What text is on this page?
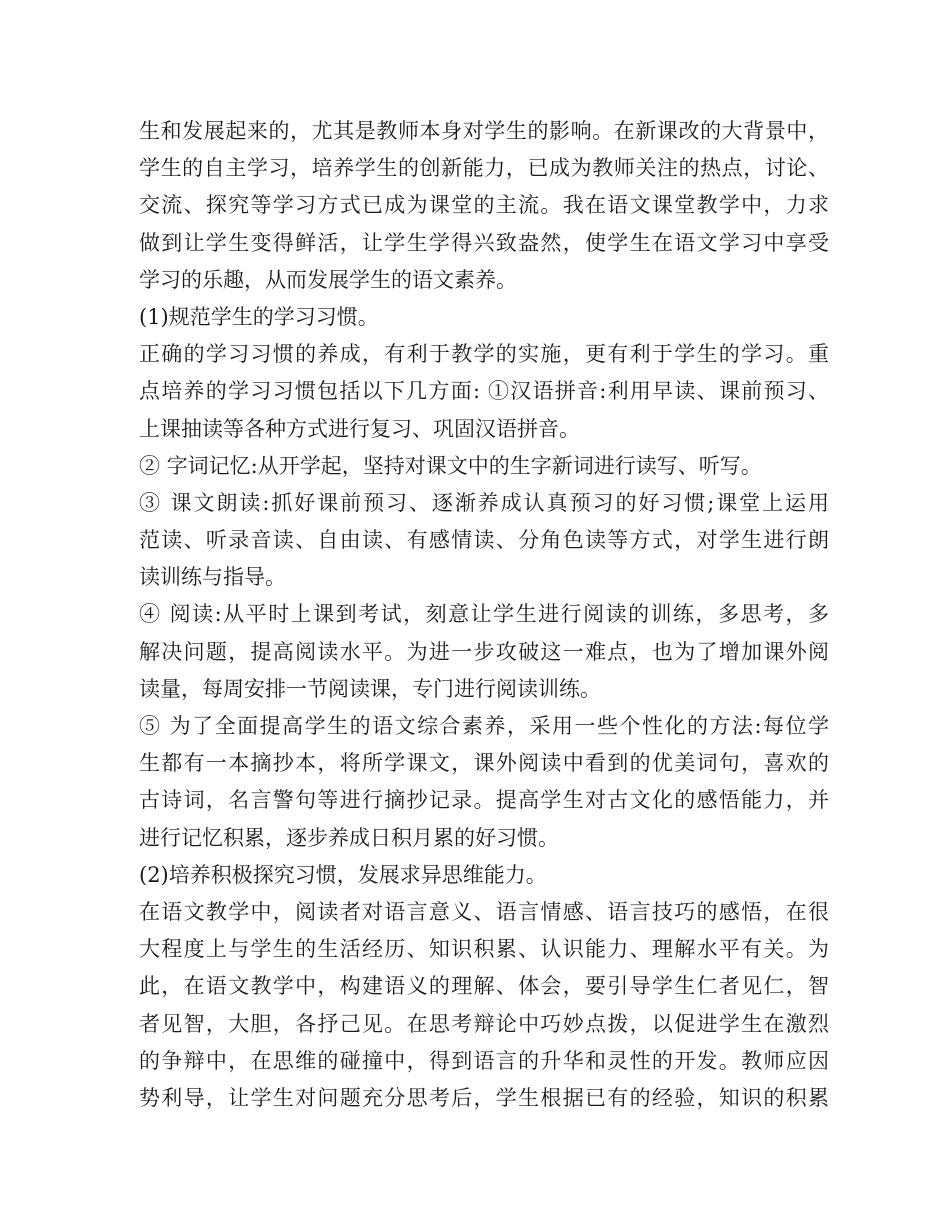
生和发展起来的，尤其是教师本身对学生的影响。在新课改的大背景中，
学生的自主学习，培养学生的创新能力，已成为教师关注的热点，讨论、
交流、探究等学习方式已成为课堂的主流。我在语文课堂教学中，力求
做到让学生变得鲜活，让学生学得兴致盎然，使学生在语文学习中享受
学习的乐趣，从而发展学生的语文素养。
(1)规范学生的学习习惯。
正确的学习习惯的养成，有利于教学的实施，更有利于学生的学习。重
点培养的学习习惯包括以下几方面: ①汉语拼音:利用早读、课前预习、
上课抽读等各种方式进行复习、巩固汉语拼音。
② 字词记忆:从开学起，坚持对课文中的生字新词进行读写、听写。
③ 课文朗读:抓好课前预习、逐渐养成认真预习的好习惯;课堂上运用
范读、听录音读、自由读、有感情读、分角色读等方式，对学生进行朗
读训练与指导。
④ 阅读:从平时上课到考试，刻意让学生进行阅读的训练，多思考，多
解决问题，提高阅读水平。为进一步攻破这一难点，也为了增加课外阅
读量，每周安排一节阅读课，专门进行阅读训练。
⑤ 为了全面提高学生的语文综合素养，采用一些个性化的方法:每位学
生都有一本摘抄本，将所学课文，课外阅读中看到的优美词句，喜欢的
古诗词，名言警句等进行摘抄记录。提高学生对古文化的感悟能力，并
进行记忆积累，逐步养成日积月累的好习惯。
(2)培养积极探究习惯，发展求异思维能力。
在语文教学中，阅读者对语言意义、语言情感、语言技巧的感悟，在很
大程度上与学生的生活经历、知识积累、认识能力、理解水平有关。为
此，在语文教学中，构建语义的理解、体会，要引导学生仁者见仁，智
者见智，大胆，各抒己见。在思考辩论中巧妙点拨，以促进学生在激烈
的争辩中，在思维的碰撞中，得到语言的升华和灵性的开发。教师应因
势利导，让学生对问题充分思考后，学生根据已有的经验，知识的积累
